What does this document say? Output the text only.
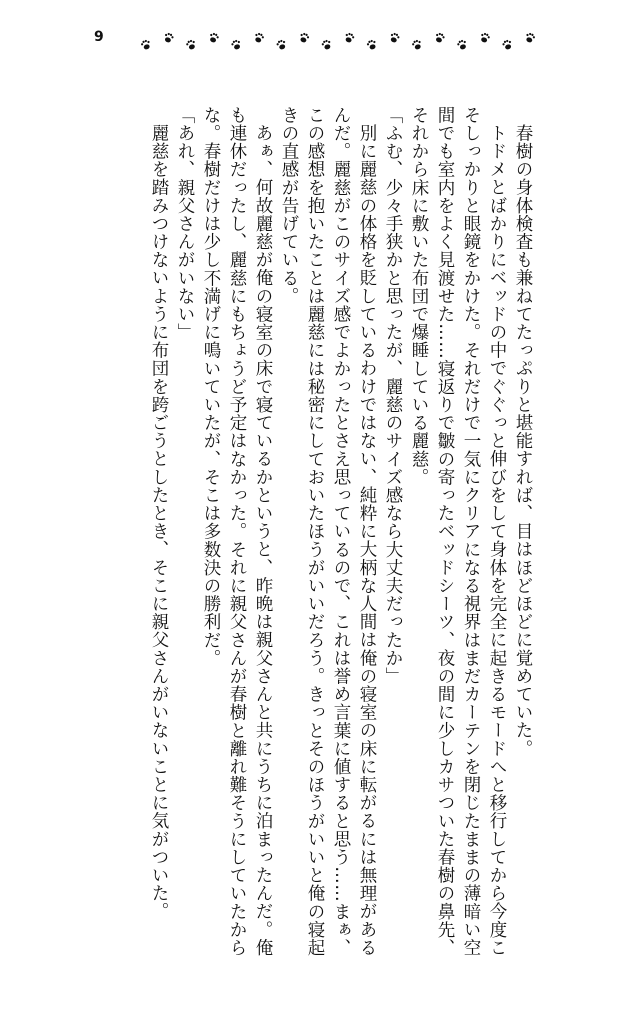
9

春樹の身体検査も兼ねてたっぷりと堪能すれば、目はほどほどに覚めていた。

トドメとばかりにベッドの中でぐぐっと伸びをして身体を完全に起きるモードへと移行してから今度こそしっかりと眼鏡をかけた。それだけで一気にクリアになる視界はまだカーテンを閉じたままの薄暗い空間でも室内をよく見渡せた……寝返りで皺の寄ったベッドシーツ、夜の間に少しカサついた春樹の鼻先、それから床に敷いた布団で爆睡している麗慈。

「ふむ、少々手狭かと思ったが、麗慈のサイズ感なら大丈夫だったか」

別に麗慈の体格を貶しているわけではない、純粋に大柄な人間は俺の寝室の床に転がるには無理があるんだ。麗慈がこのサイズ感でよかったとさえ思っているので、これは誉め言葉に値すると思う……まぁ、この感想を抱いたことは麗慈には秘密にしておいたほうがいいだろう。きっとそのほうがいいと俺の寝起きの直感が告げている。

あぁ、何故麗慈が俺の寝室の床で寝ているかというと、昨晩は親父さんと共にうちに泊まったんだ。俺も連休だったし、麗慈にもちょうど予定はなかった。それに親父さんが春樹と離れ難そうにしていたからな。春樹だけは少し不満げに鳴いていたが、そこは多数決の勝利だ。

「あれ、親父さんがいない」

麗慈を踏みつけないように布団を跨ごうとしたとき、そこに親父さんがいないことに気がついた。
